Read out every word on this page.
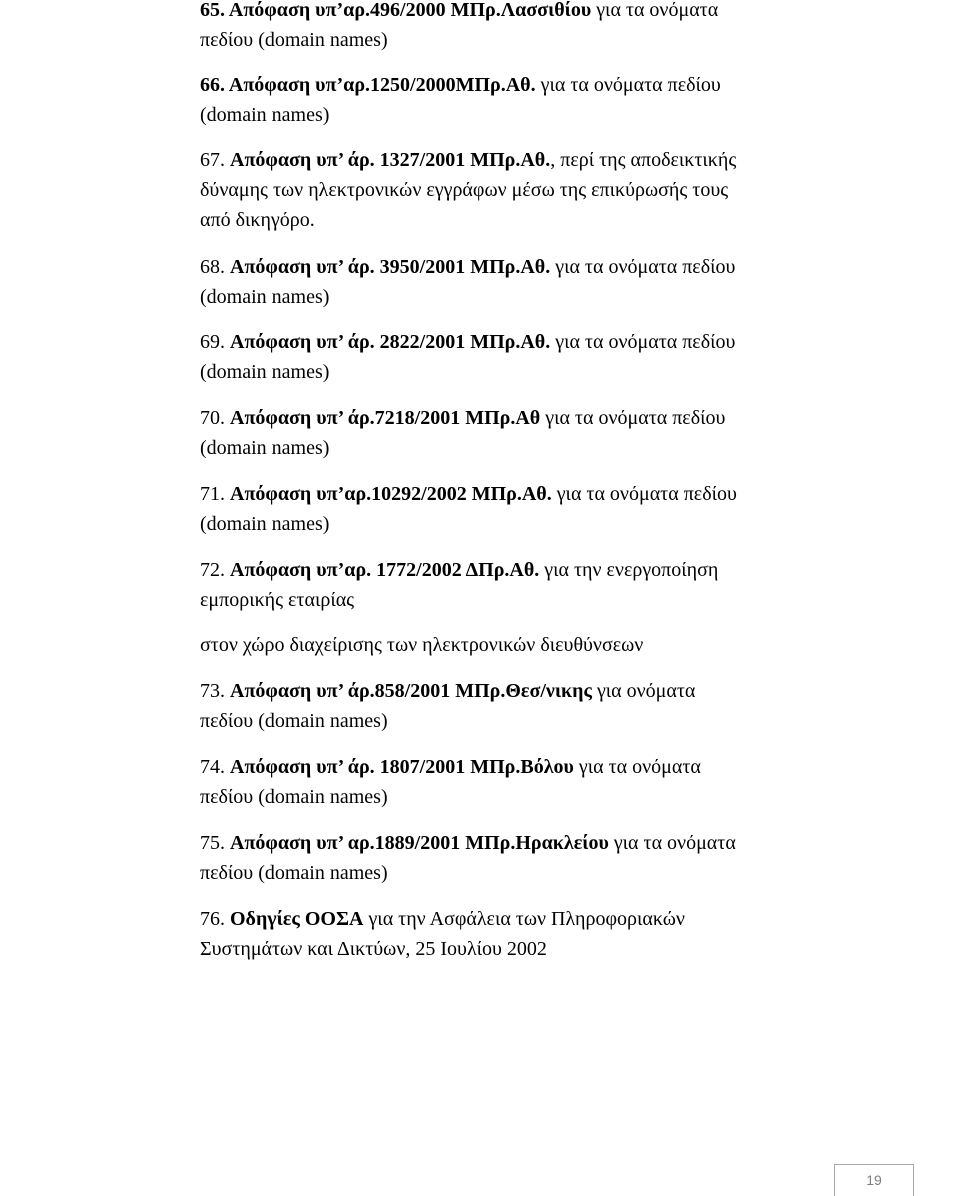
65. Απόφαση υπ’αρ.496/2000 ΜΠρ.Λασσιθίου για τα ονόματα
πεδίου (domain names)
66. Απόφαση υπ’αρ.1250/2000ΜΠρ.Αθ. για τα ονόματα πεδίου
(domain names)
67. Απόφαση υπ’ άρ. 1327/2001 ΜΠρ.Αθ., περί της αποδεικτικής
δύναμης των ηλεκτρονικών εγγράφων μέσω της επικύρωσής τους
από δικηγόρο.
68. Απόφαση υπ’ άρ. 3950/2001 ΜΠρ.Αθ. για τα ονόματα πεδίου
(domain names)
69. Απόφαση υπ’ άρ. 2822/2001 ΜΠρ.Αθ. για τα ονόματα πεδίου
(domain names)
70. Απόφαση υπ’ άρ.7218/2001 ΜΠρ.Αθ για τα ονόματα πεδίου
(domain names)
71. Απόφαση υπ’αρ.10292/2002 ΜΠρ.Αθ. για τα ονόματα πεδίου
(domain names)
72. Απόφαση υπ’αρ. 1772/2002 ΔΠρ.Αθ. για την ενεργοποίηση
εμπορικής εταιρίας
στον χώρο διαχείρισης των ηλεκτρονικών διευθύνσεων
73. Απόφαση υπ’ άρ.858/2001 ΜΠρ.Θεσ/νικης για ονόματα
πεδίου (domain names)
74. Απόφαση υπ’ άρ. 1807/2001 ΜΠρ.Βόλου για τα ονόματα
πεδίου (domain names)
75. Απόφαση υπ’ αρ.1889/2001 ΜΠρ.Ηρακλείου για τα ονόματα
πεδίου (domain names)
76. Οδηγίες ΟΟΣΑ για την Ασφάλεια των Πληροφοριακών
Συστημάτων και Δικτύων, 25 Ιουλίου 2002
19
